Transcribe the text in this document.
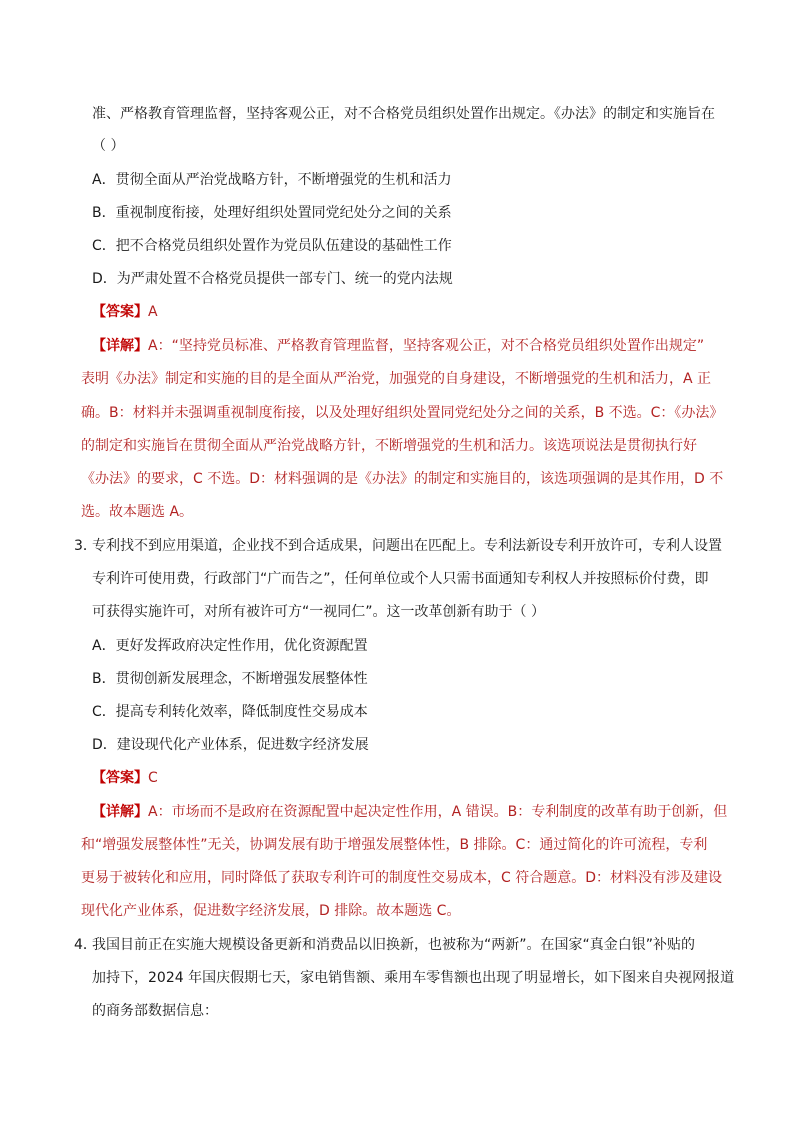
准、严格教育管理监督，坚持客观公正，对不合格党员组织处置作出规定。《办法》的制定和实施旨在
（ ）
A．贯彻全面从严治党战略方针，不断增强党的生机和活力
B．重视制度衔接，处理好组织处置同党纪处分之间的关系
C．把不合格党员组织处置作为党员队伍建设的基础性工作
D．为严肃处置不合格党员提供一部专门、统一的党内法规
【答案】A
【详解】A：“坚持党员标准、严格教育管理监督，坚持客观公正，对不合格党员组织处置作出规定”
表明《办法》制定和实施的目的是全面从严治党，加强党的自身建设，不断增强党的生机和活力，A 正
确。B：材料并未强调重视制度衔接，以及处理好组织处置同党纪处分之间的关系，B 不选。C：《办法》
的制定和实施旨在贯彻全面从严治党战略方针，不断增强党的生机和活力。该选项说法是贯彻执行好
《办法》的要求，C 不选。D：材料强调的是《办法》的制定和实施目的，该选项强调的是其作用，D 不
选。故本题选 A。
3．
专利找不到应用渠道，企业找不到合适成果，问题出在匹配上。专利法新设专利开放许可，专利人设置
专利许可使用费，行政部门“广而告之”，任何单位或个人只需书面通知专利权人并按照标价付费，即
可获得实施许可，对所有被许可方“一视同仁”。这一改革创新有助于（ ）
A．更好发挥政府决定性作用，优化资源配置
B．贯彻创新发展理念，不断增强发展整体性
C．提高专利转化效率，降低制度性交易成本
D．建设现代化产业体系，促进数字经济发展
【答案】C
【详解】A：市场而不是政府在资源配置中起决定性作用，A 错误。B：专利制度的改革有助于创新，但
和“增强发展整体性”无关，协调发展有助于增强发展整体性，B 排除。C：通过简化的许可流程，专利
更易于被转化和应用，同时降低了获取专利许可的制度性交易成本，C 符合题意。D：材料没有涉及建设
现代化产业体系，促进数字经济发展，D 排除。故本题选 C。
4．
我国目前正在实施大规模设备更新和消费品以旧换新，也被称为“两新”。在国家“真金白银”补贴的
加持下，2024 年国庆假期七天，家电销售额、乘用车零售额也出现了明显增长，如下图来自央视网报道
的商务部数据信息：
